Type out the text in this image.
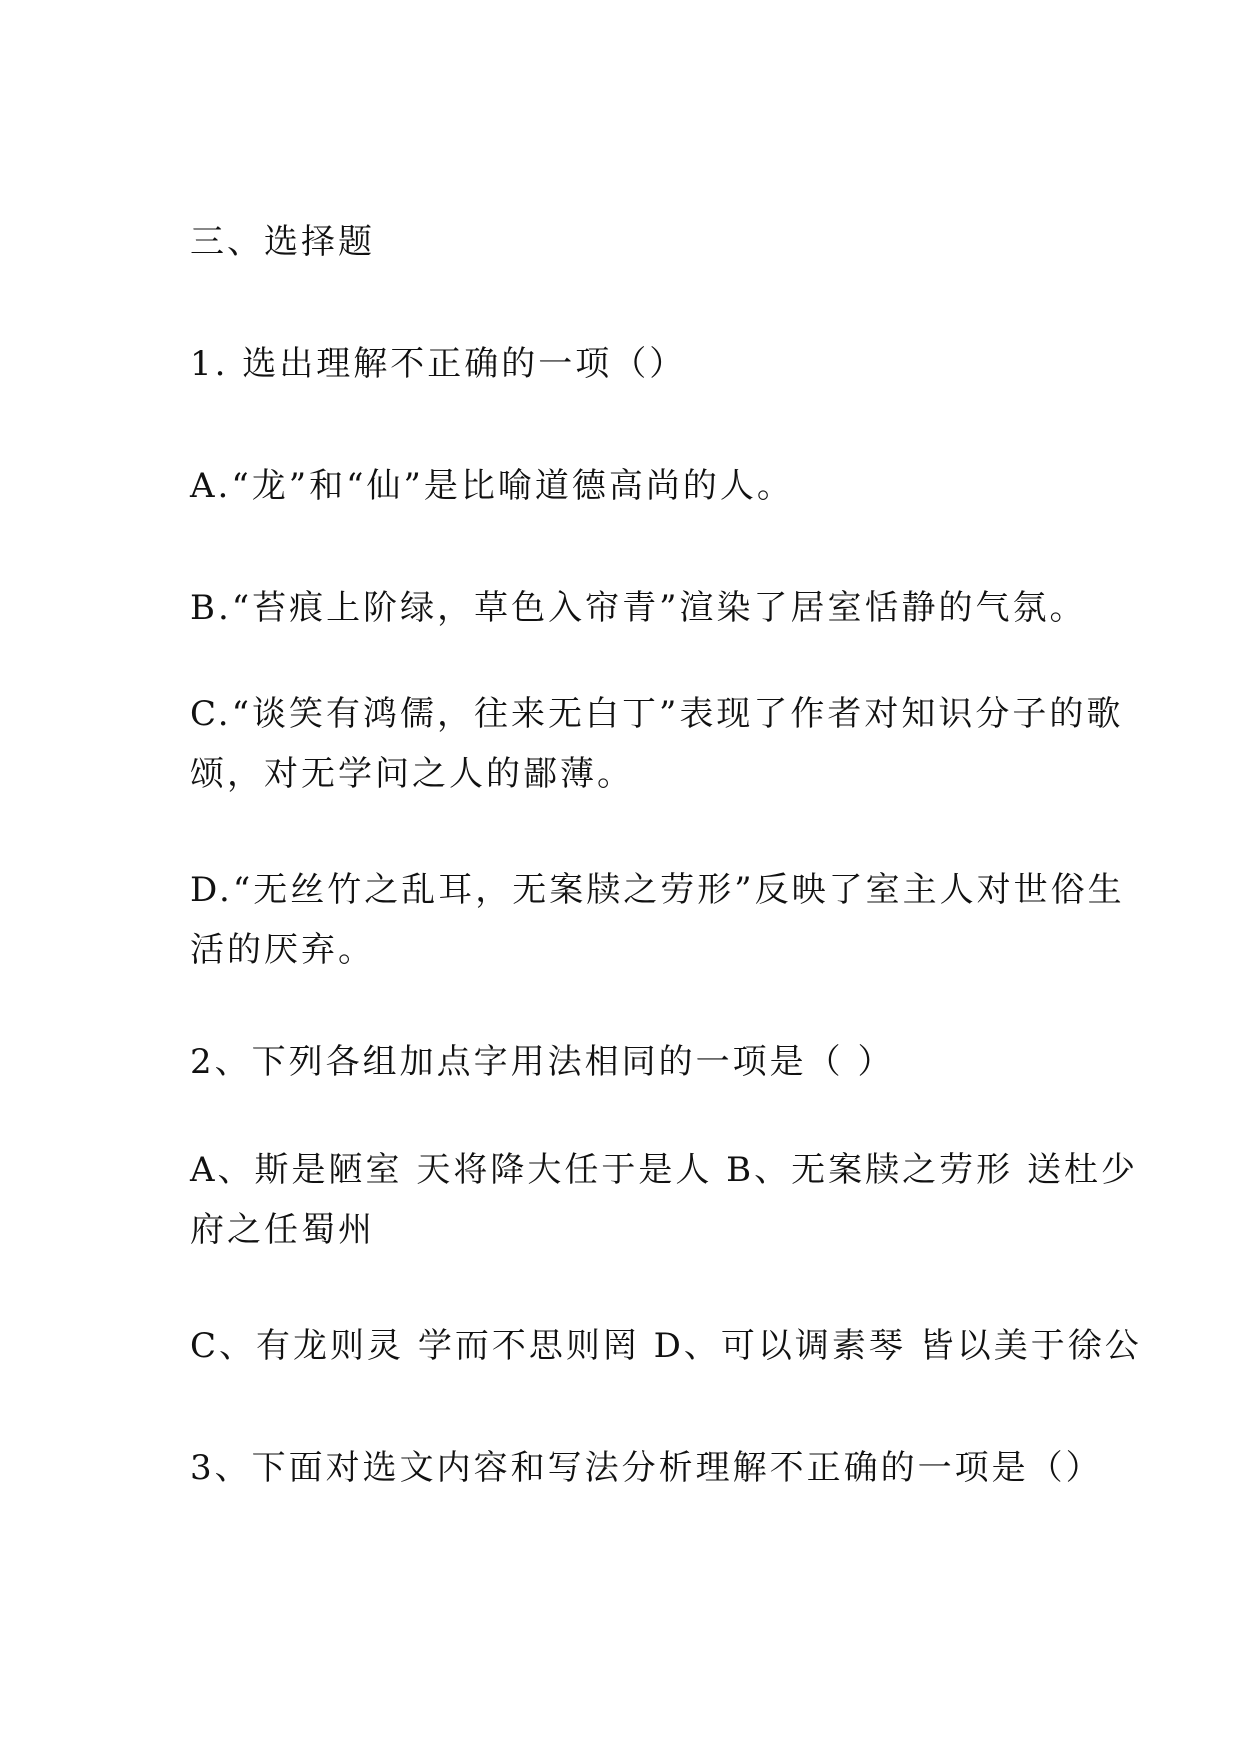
三、选择题
1. 选出理解不正确的一项（）
A.“龙”和“仙”是比喻道德高尚的人。
B.“苔痕上阶绿，草色入帘青”渲染了居室恬静的气氛。
C.“谈笑有鸿儒，往来无白丁”表现了作者对知识分子的歌
颂，对无学问之人的鄙薄。
D.“无丝竹之乱耳，无案牍之劳形”反映了室主人对世俗生
活的厌弃。
2、下列各组加点字用法相同的一项是（ ）
A、斯是陋室 天将降大任于是人 B、无案牍之劳形 送杜少
府之任蜀州
C、有龙则灵 学而不思则罔 D、可以调素琴 皆以美于徐公
3、下面对选文内容和写法分析理解不正确的一项是（）
